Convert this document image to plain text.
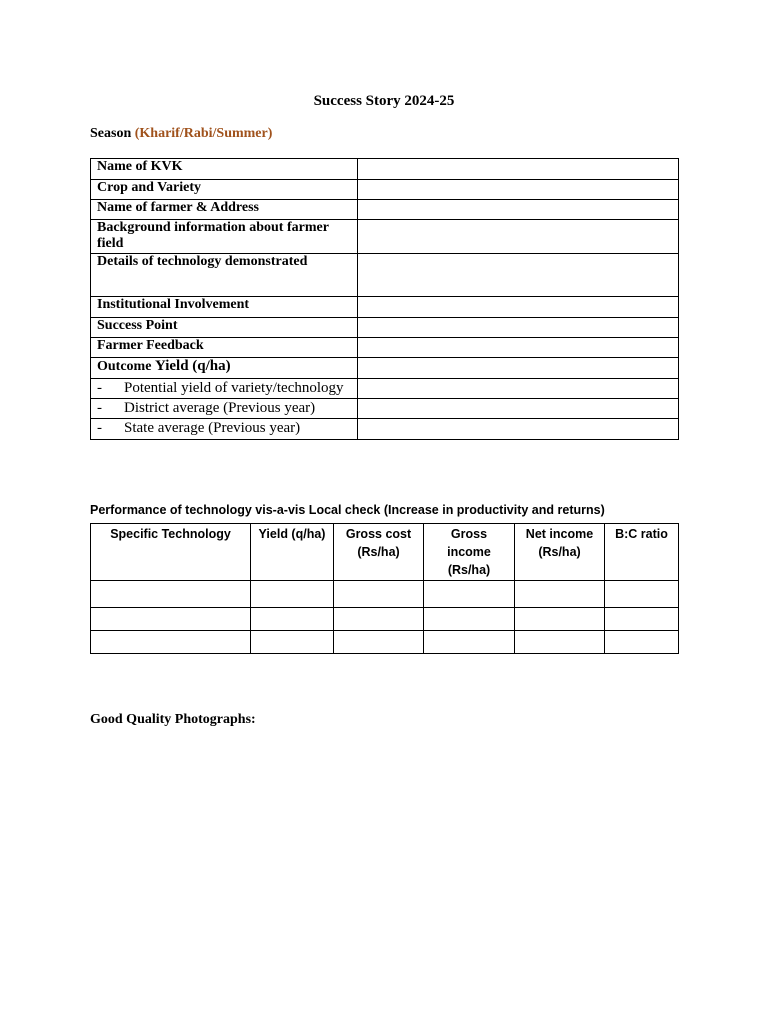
Success Story 2024-25
Season (Kharif/Rabi/Summer)
Name of KVK	
Crop and Variety	
Name of farmer & Address	
Background information about farmer field	
Details of technology demonstrated	
Institutional Involvement	
Success Point	
Farmer Feedback	
Outcome Yield (q/ha)	
- Potential yield of variety/technology	
- District average (Previous year)	
- State average (Previous year)	
Performance of technology vis-a-vis Local check (Increase in productivity and returns)
Specific Technology	Yield (q/ha)	Gross cost (Rs/ha)	Gross income (Rs/ha)	Net income (Rs/ha)	B:C ratio

Good Quality Photographs:
